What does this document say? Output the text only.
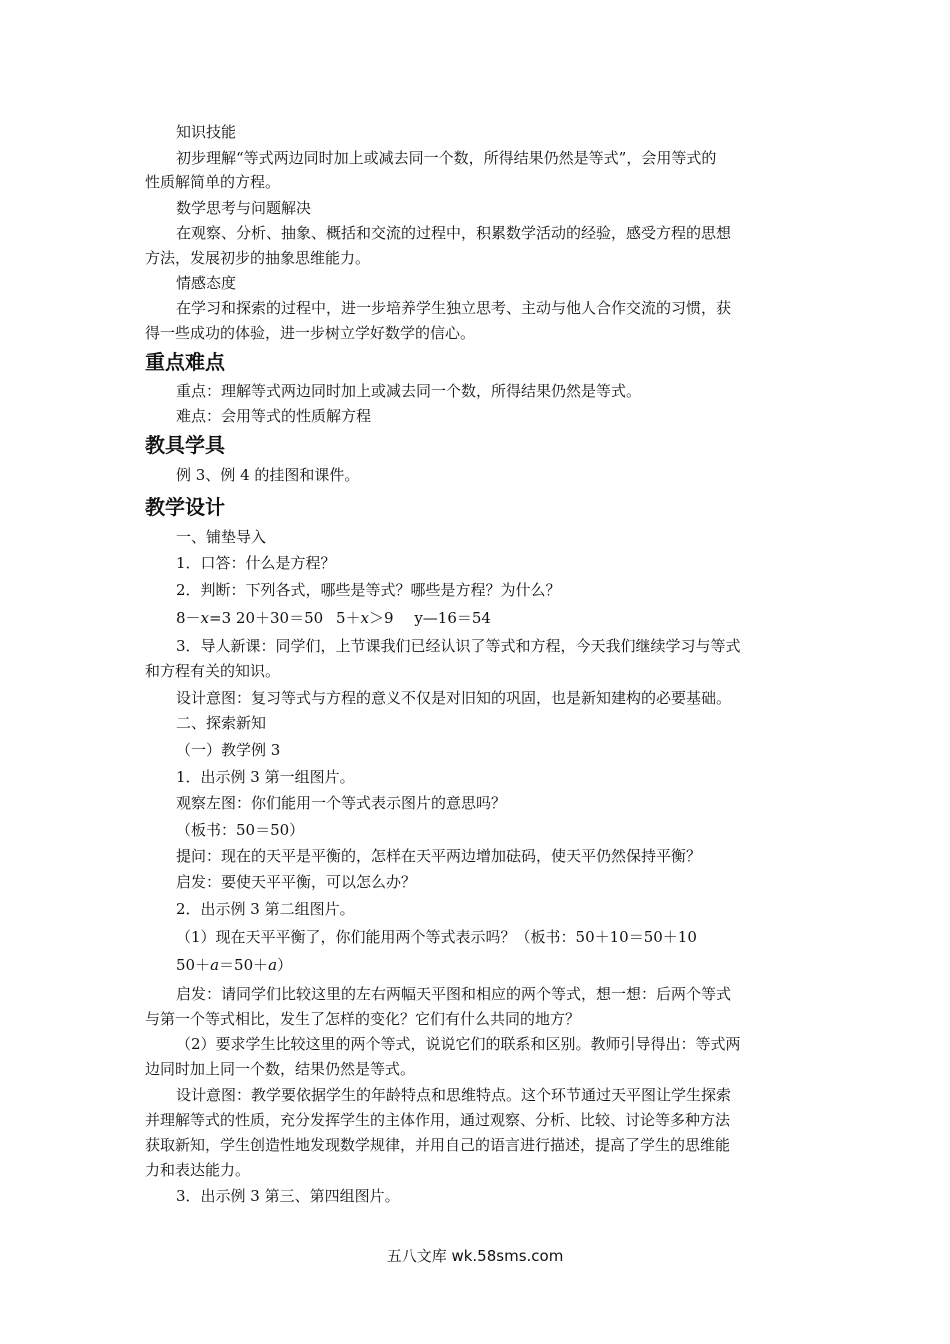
知识技能
初步理解“等式两边同时加上或减去同一个数，所得结果仍然是等式”，会用等式的
性质解简单的方程。
数学思考与问题解决
在观察、分析、抽象、概括和交流的过程中，积累数学活动的经验，感受方程的思想
方法，发展初步的抽象思维能力。
情感态度
在学习和探索的过程中，进一步培养学生独立思考、主动与他人合作交流的习惯，获
得一些成功的体验，进一步树立学好数学的信心。
重点难点
重点：理解等式两边同时加上或减去同一个数，所得结果仍然是等式。
难点：会用等式的性质解方程
教具学具
例 3、例 4 的挂图和课件。
教学设计
一、铺垫导入
1．口答：什么是方程？
2．判断：下列各式，哪些是等式？哪些是方程？为什么？
8－x=3 20＋30＝50 5＋x＞9 y—16＝54
3．导人新课：同学们，上节课我们已经认识了等式和方程，今天我们继续学习与等式
和方程有关的知识。
设计意图：复习等式与方程的意义不仅是对旧知的巩固，也是新知建构的必要基础。
二、探索新知
（一）教学例 3
1．出示例 3 第一组图片。
观察左图：你们能用一个等式表示图片的意思吗？
（板书：50＝50）
提问：现在的天平是平衡的，怎样在天平两边增加砝码，使天平仍然保持平衡？
启发：要使天平平衡，可以怎么办？
2．出示例 3 第二组图片。
（1）现在天平平衡了，你们能用两个等式表示吗？（板书：50＋10＝50＋10
50＋a＝50＋a）
启发：请同学们比较这里的左右两幅天平图和相应的两个等式，想一想：后两个等式
与第一个等式相比，发生了怎样的变化？它们有什么共同的地方？
（2）要求学生比较这里的两个等式，说说它们的联系和区别。教师引导得出：等式两
边同时加上同一个数，结果仍然是等式。
设计意图：教学要依据学生的年龄特点和思维特点。这个环节通过天平图让学生探索
并理解等式的性质，充分发挥学生的主体作用，通过观察、分析、比较、讨论等多种方法
获取新知，学生创造性地发现数学规律，并用自己的语言进行描述，提高了学生的思维能
力和表达能力。
3．出示例 3 第三、第四组图片。
五八文库 wk.58sms.com
